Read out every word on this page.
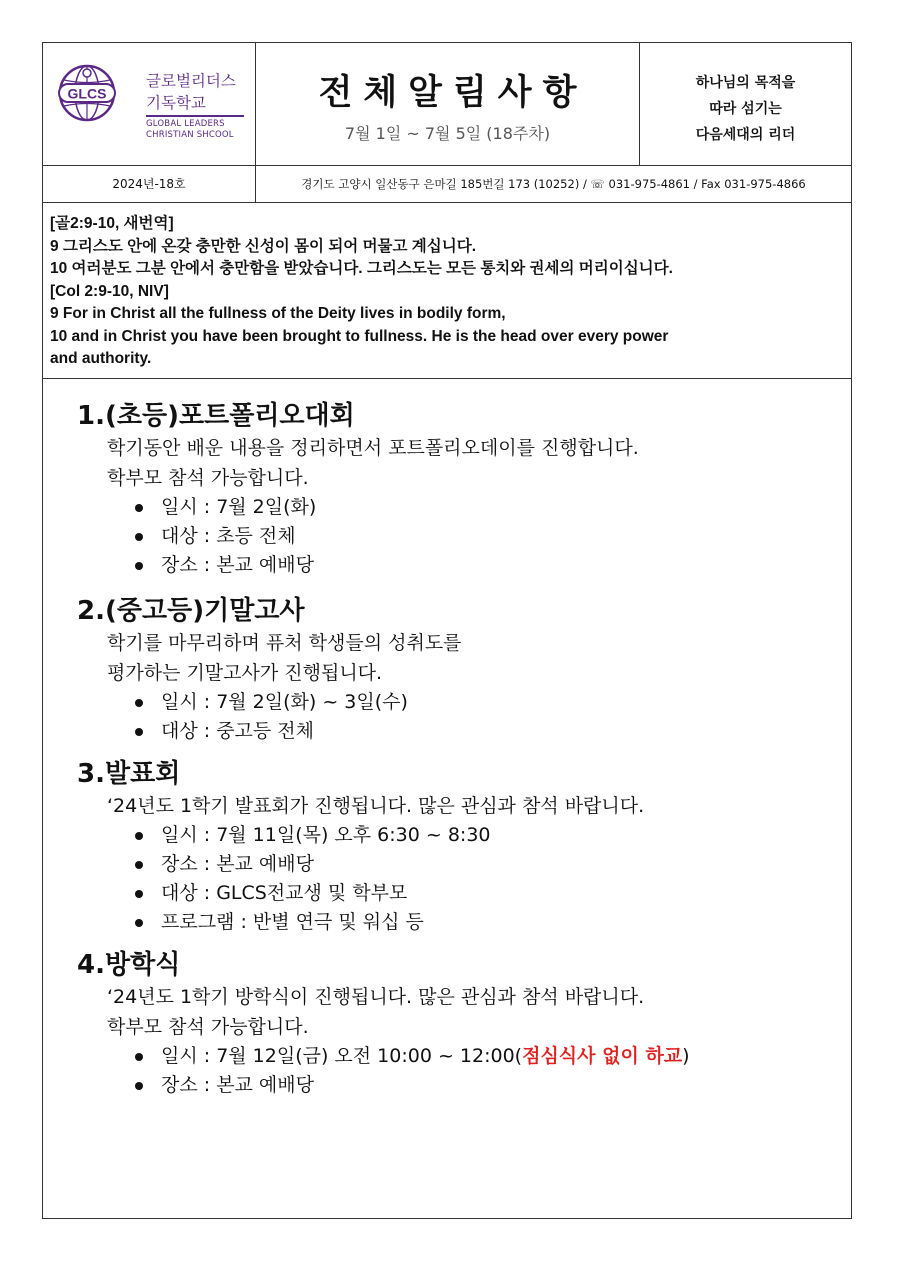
GLCS
글로벌리더스
기독학교
GLOBAL LEADERS
CHRISTIAN SHCOOL
전체알림사항
7월 1일 ~ 7월 5일 (18주차)
하나님의 목적을
따라 섬기는
다음세대의 리더
2024년-18호	경기도 고양시 일산동구 은마길 185번길 173 (10252) / ☏ 031-975-4861 / Fax 031-975-4866
[골2:9-10, 새번역]
9 그리스도 안에 온갖 충만한 신성이 몸이 되어 머물고 계십니다.
10 여러분도 그분 안에서 충만함을 받았습니다. 그리스도는 모든 통치와 권세의 머리이십니다.
[Col 2:9-10, NIV]
9 For in Christ all the fullness of the Deity lives in bodily form,
10 and in Christ you have been brought to fullness. He is the head over every power
and authority.
1.(초등)포트폴리오대회
학기동안 배운 내용을 정리하면서 포트폴리오데이를 진행합니다.
학부모 참석 가능합니다.
일시 : 7월 2일(화)
대상 : 초등 전체
장소 : 본교 예배당
2.(중고등)기말고사
학기를 마무리하며 퓨처 학생들의 성취도를
평가하는 기말고사가 진행됩니다.
일시 : 7월 2일(화) ~ 3일(수)
대상 : 중고등 전체
3.발표회
‘24년도 1학기 발표회가 진행됩니다. 많은 관심과 참석 바랍니다.
일시 : 7월 11일(목) 오후 6:30 ~ 8:30
장소 : 본교 예배당
대상 : GLCS전교생 및 학부모
프로그램 : 반별 연극 및 워십 등
4.방학식
‘24년도 1학기 방학식이 진행됩니다. 많은 관심과 참석 바랍니다.
학부모 참석 가능합니다.
일시 : 7월 12일(금) 오전 10:00 ~ 12:00(점심식사 없이 하교)
장소 : 본교 예배당
